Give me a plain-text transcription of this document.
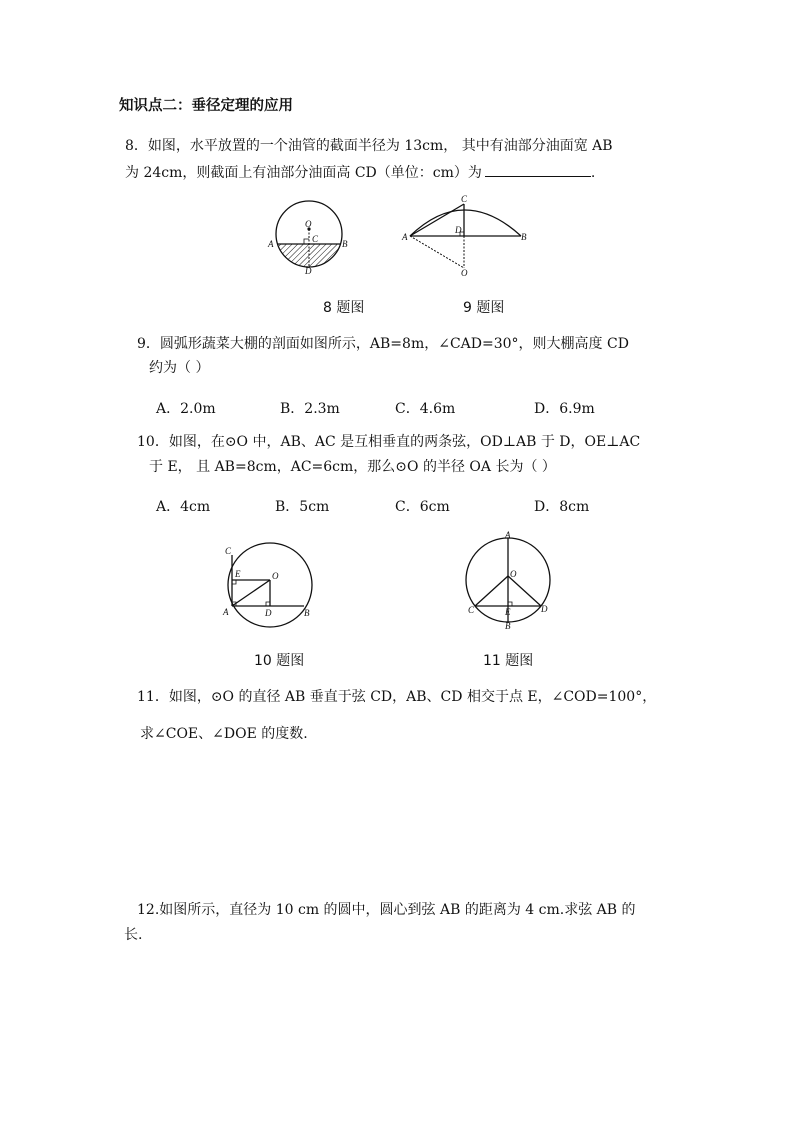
知识点二：垂径定理的应用
8．如图，水平放置的一个油管的截面半径为 13cm， 其中有油部分油面宽 AB
为 24cm，则截面上有油部分油面高 CD（单位：cm）为	.
O
C
A	B
D
C
A
D
B
O
8 题图	9 题图
9．圆弧形蔬菜大棚的剖面如图所示，AB=8m，∠CAD=30°，则大棚高度 CD
约为（ ）
A．2.0m	B．2.3m	C．4.6m	D．6.9m
10．如图，在⊙O 中，AB、AC 是互相垂直的两条弦，OD⊥AB 于 D，OE⊥AC
于 E， 且 AB=8cm，AC=6cm，那么⊙O 的半径 OA 长为（ ）
A．4cm	B．5cm	C．6cm	D．8cm
C
E	O
A	D	B
A
O
C	E	D
B
10 题图	11 题图
11．如图，⊙O 的直径 AB 垂直于弦 CD，AB、CD 相交于点 E，∠COD=100°，
求∠COE、∠DOE 的度数.
12.如图所示，直径为 10 cm 的圆中，圆心到弦 AB 的距离为 4 cm.求弦 AB 的
长.
